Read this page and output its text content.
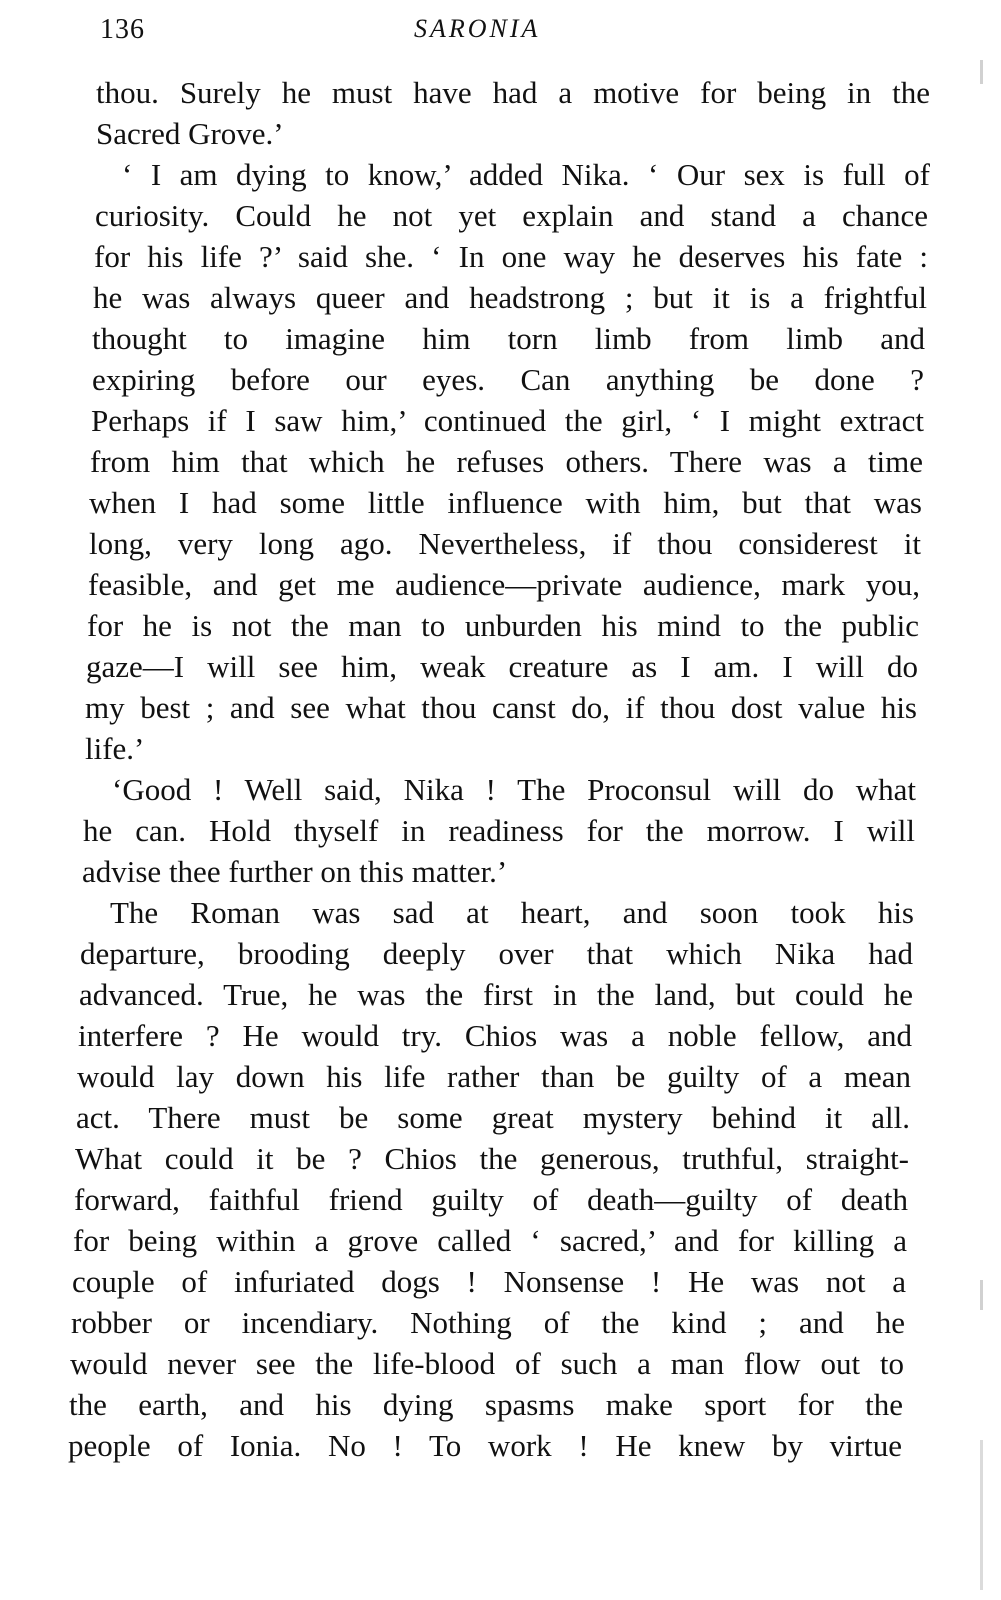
136	SARONIA
thou. Surely he must have had a motive for being in the
Sacred Grove.’
‘ I am dying to know,’ added Nika. ‘ Our sex is full of
curiosity. Could he not yet explain and stand a chance
for his life ?’ said she. ‘ In one way he deserves his fate :
he was always queer and headstrong ; but it is a frightful
thought to imagine him torn limb from limb and
expiring before our eyes. Can anything be done ?
Perhaps if I saw him,’ continued the girl, ‘ I might extract
from him that which he refuses others. There was a time
when I had some little influence with him, but that was
long, very long ago. Nevertheless, if thou considerest it
feasible, and get me audience—private audience, mark you,
for he is not the man to unburden his mind to the public
gaze—I will see him, weak creature as I am. I will do
my best ; and see what thou canst do, if thou dost value his
life.’
‘Good ! Well said, Nika ! The Proconsul will do what
he can. Hold thyself in readiness for the morrow. I will
advise thee further on this matter.’
The Roman was sad at heart, and soon took his
departure, brooding deeply over that which Nika had
advanced. True, he was the first in the land, but could he
interfere ? He would try. Chios was a noble fellow, and
would lay down his life rather than be guilty of a mean
act. There must be some great mystery behind it all.
What could it be ? Chios the generous, truthful, straight-
forward, faithful friend guilty of death—guilty of death
for being within a grove called ‘ sacred,’ and for killing a
couple of infuriated dogs ! Nonsense ! He was not a
robber or incendiary. Nothing of the kind ; and he
would never see the life-blood of such a man flow out to
the earth, and his dying spasms make sport for the
people of Ionia. No ! To work ! He knew by virtue
